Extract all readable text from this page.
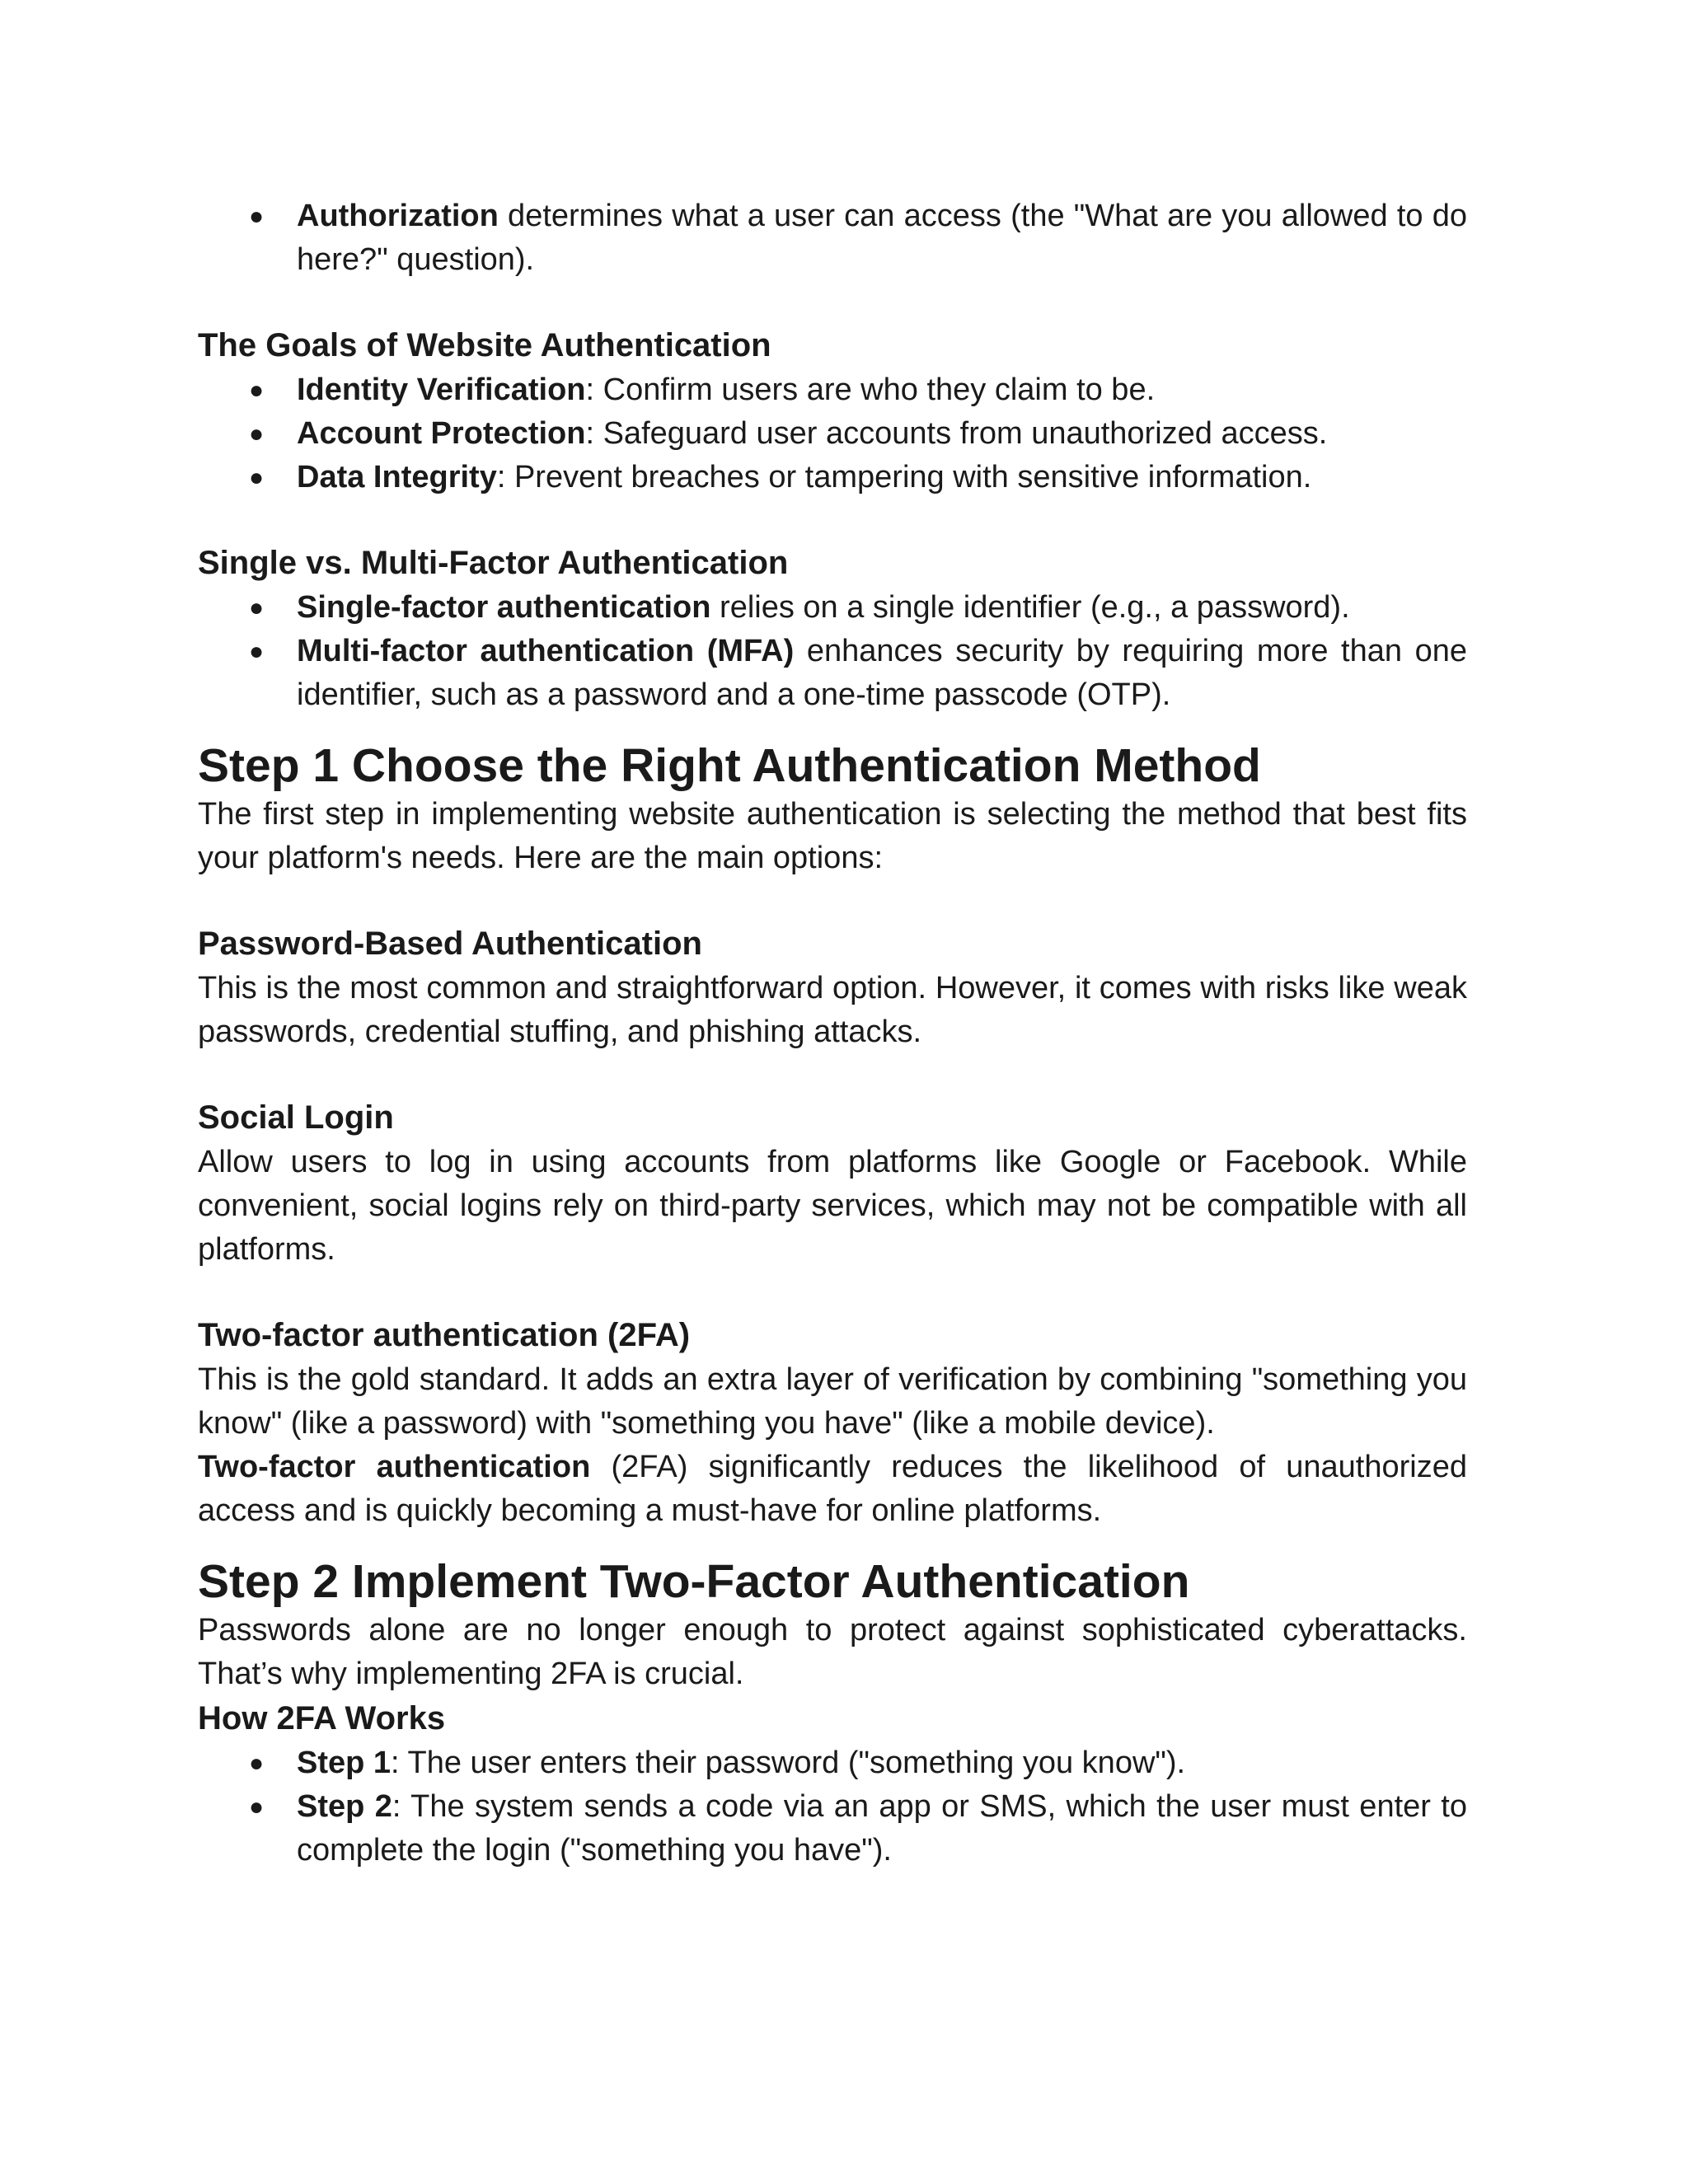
● Authorization determines what a user can access (the "What are you allowed to do here?" question).
The Goals of Website Authentication
● Identity Verification: Confirm users are who they claim to be.
● Account Protection: Safeguard user accounts from unauthorized access.
● Data Integrity: Prevent breaches or tampering with sensitive information.
Single vs. Multi-Factor Authentication
● Single-factor authentication relies on a single identifier (e.g., a password).
● Multi-factor authentication (MFA) enhances security by requiring more than one identifier, such as a password and a one-time passcode (OTP).
Step 1 Choose the Right Authentication Method

The first step in implementing website authentication is selecting the method that best fits your platform's needs. Here are the main options:

Password-Based Authentication

This is the most common and straightforward option. However, it comes with risks like weak passwords, credential stuffing, and phishing attacks.

Social Login

Allow users to log in using accounts from platforms like Google or Facebook. While convenient, social logins rely on third-party services, which may not be compatible with all platforms.

Two-factor authentication (2FA)

This is the gold standard. It adds an extra layer of verification by combining "something you know" (like a password) with "something you have" (like a mobile device).

Two-factor authentication (2FA) significantly reduces the likelihood of unauthorized access and is quickly becoming a must-have for online platforms.

Step 2 Implement Two-Factor Authentication

Passwords alone are no longer enough to protect against sophisticated cyberattacks. That’s why implementing 2FA is crucial.

How 2FA Works
● Step 1: The user enters their password ("something you know").
● Step 2: The system sends a code via an app or SMS, which the user must enter to complete the login ("something you have").
